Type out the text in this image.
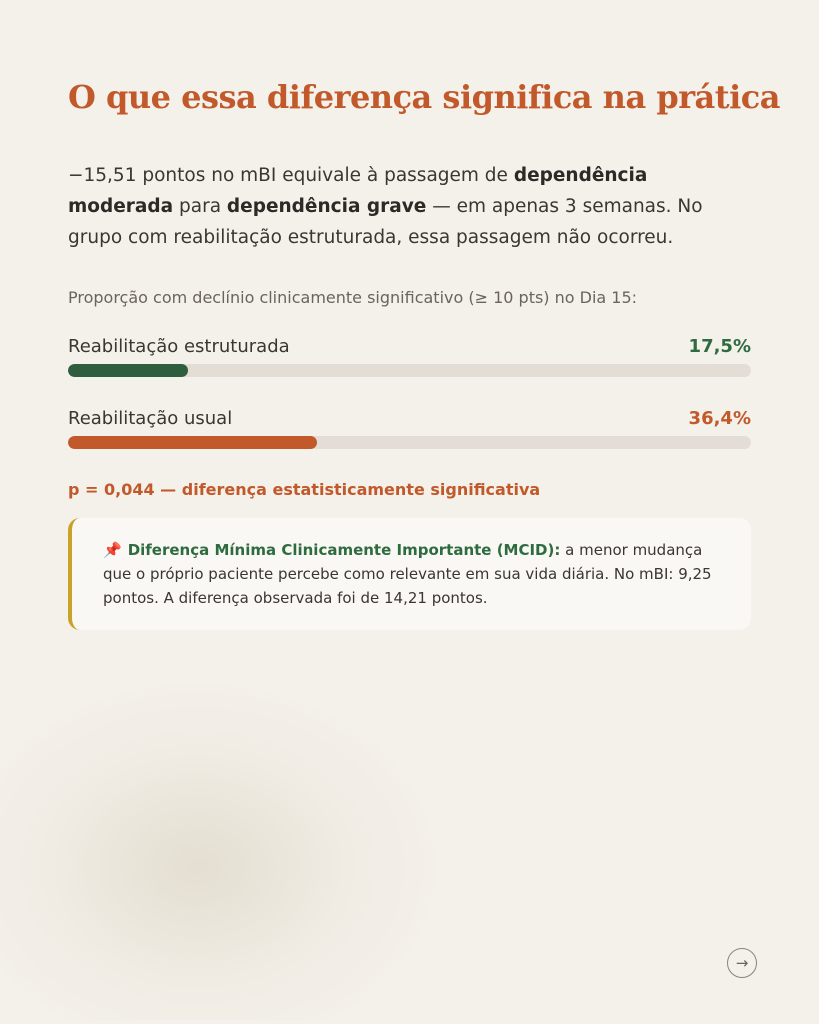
O que essa diferença significa na prática

−15,51 pontos no mBI equivale à passagem de dependência moderada para dependência grave — em apenas 3 semanas. No grupo com reabilitação estruturada, essa passagem não ocorreu.

Proporção com declínio clinicamente significativo (≥ 10 pts) no Dia 15:

Reabilitação estruturada	17,5%
Reabilitação usual	36,4%

p = 0,044 — diferença estatisticamente significativa

📌 Diferença Mínima Clinicamente Importante (MCID): a menor mudança que o próprio paciente percebe como relevante em sua vida diária. No mBI: 9,25 pontos. A diferença observada foi de 14,21 pontos.
→
